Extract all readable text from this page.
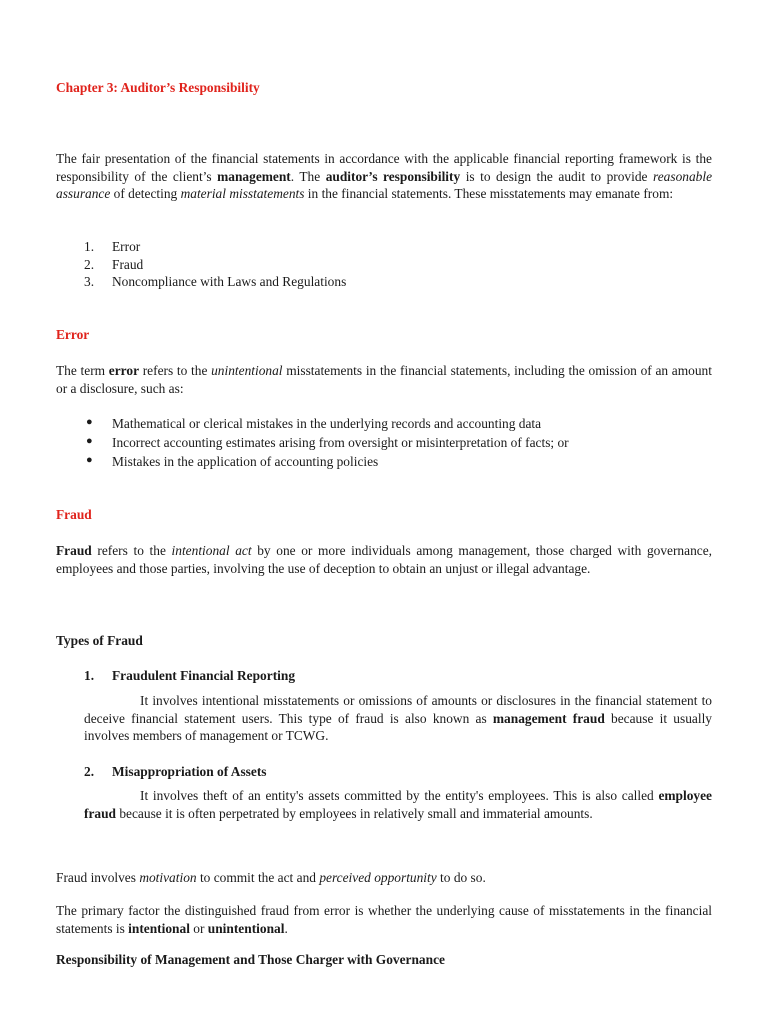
Chapter 3: Auditor’s Responsibility
The fair presentation of the financial statements in accordance with the applicable financial reporting framework is the responsibility of the client’s management. The auditor’s responsibility is to design the audit to provide reasonable assurance of detecting material misstatements in the financial statements. These misstatements may emanate from:
1. Error
2. Fraud
3. Noncompliance with Laws and Regulations
Error
The term error refers to the unintentional misstatements in the financial statements, including the omission of an amount or a disclosure, such as:
● Mathematical or clerical mistakes in the underlying records and accounting data
● Incorrect accounting estimates arising from oversight or misinterpretation of facts; or
● Mistakes in the application of accounting policies
Fraud
Fraud refers to the intentional act by one or more individuals among management, those charged with governance, employees and those parties, involving the use of deception to obtain an unjust or illegal advantage.
Types of Fraud
1. Fraudulent Financial Reporting
It involves intentional misstatements or omissions of amounts or disclosures in the financial statement to deceive financial statement users. This type of fraud is also known as management fraud because it usually involves members of management or TCWG.
2. Misappropriation of Assets
It involves theft of an entity's assets committed by the entity's employees. This is also called employee fraud because it is often perpetrated by employees in relatively small and immaterial amounts.
Fraud involves motivation to commit the act and perceived opportunity to do so.
The primary factor the distinguished fraud from error is whether the underlying cause of misstatements in the financial statements is intentional or unintentional.
Responsibility of Management and Those Charger with Governance
